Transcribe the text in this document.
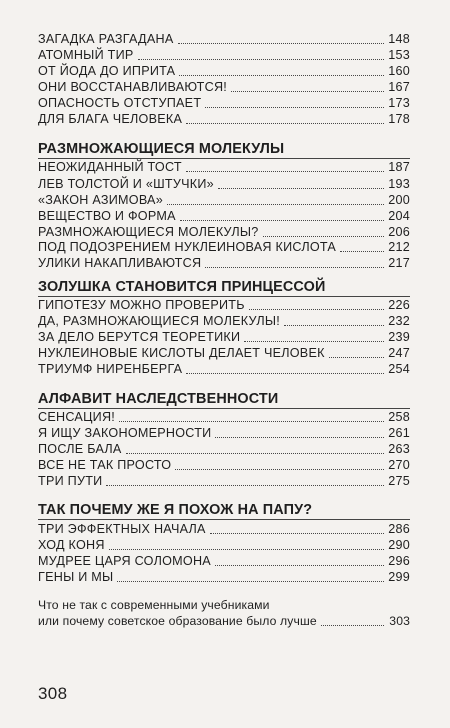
ЗАГАДКА РАЗГАДАНА	148
АТОМНЫЙ ТИР	153
ОТ ЙОДА ДО ИПРИТА	160
ОНИ ВОССТАНАВЛИВАЮТСЯ!	167
ОПАСНОСТЬ ОТСТУПАЕТ	173
ДЛЯ БЛАГА ЧЕЛОВЕКА	178
РАЗМНОЖАЮЩИЕСЯ МОЛЕКУЛЫ
НЕОЖИДАННЫЙ ТОСТ	187
ЛЕВ ТОЛСТОЙ И «ШТУЧКИ»	193
«ЗАКОН АЗИМОВА»	200
ВЕЩЕСТВО И ФОРМА	204
РАЗМНОЖАЮЩИЕСЯ МОЛЕКУЛЫ?	206
ПОД ПОДОЗРЕНИЕМ НУКЛЕИНОВАЯ КИСЛОТА	212
УЛИКИ НАКАПЛИВАЮТСЯ	217
ЗОЛУШКА СТАНОВИТСЯ ПРИНЦЕССОЙ
ГИПОТЕЗУ МОЖНО ПРОВЕРИТЬ	226
ДА, РАЗМНОЖАЮЩИЕСЯ МОЛЕКУЛЫ!	232
ЗА ДЕЛО БЕРУТСЯ ТЕОРЕТИКИ	239
НУКЛЕИНОВЫЕ КИСЛОТЫ ДЕЛАЕТ ЧЕЛОВЕК	247
ТРИУМФ НИРЕНБЕРГА	254
АЛФАВИТ НАСЛЕДСТВЕННОСТИ
СЕНСАЦИЯ!	258
Я ИЩУ ЗАКОНОМЕРНОСТИ	261
ПОСЛЕ БАЛА	263
ВСЕ НЕ ТАК ПРОСТО	270
ТРИ ПУТИ	275
ТАК ПОЧЕМУ ЖЕ Я ПОХОЖ НА ПАПУ?
ТРИ ЭФФЕКТНЫХ НАЧАЛА	286
ХОД КОНЯ	290
МУДРЕЕ ЦАРЯ СОЛОМОНА	296
ГЕНЫ И МЫ	299
Что не так с современными учебниками
или почему советское образование было лучше	303
308
